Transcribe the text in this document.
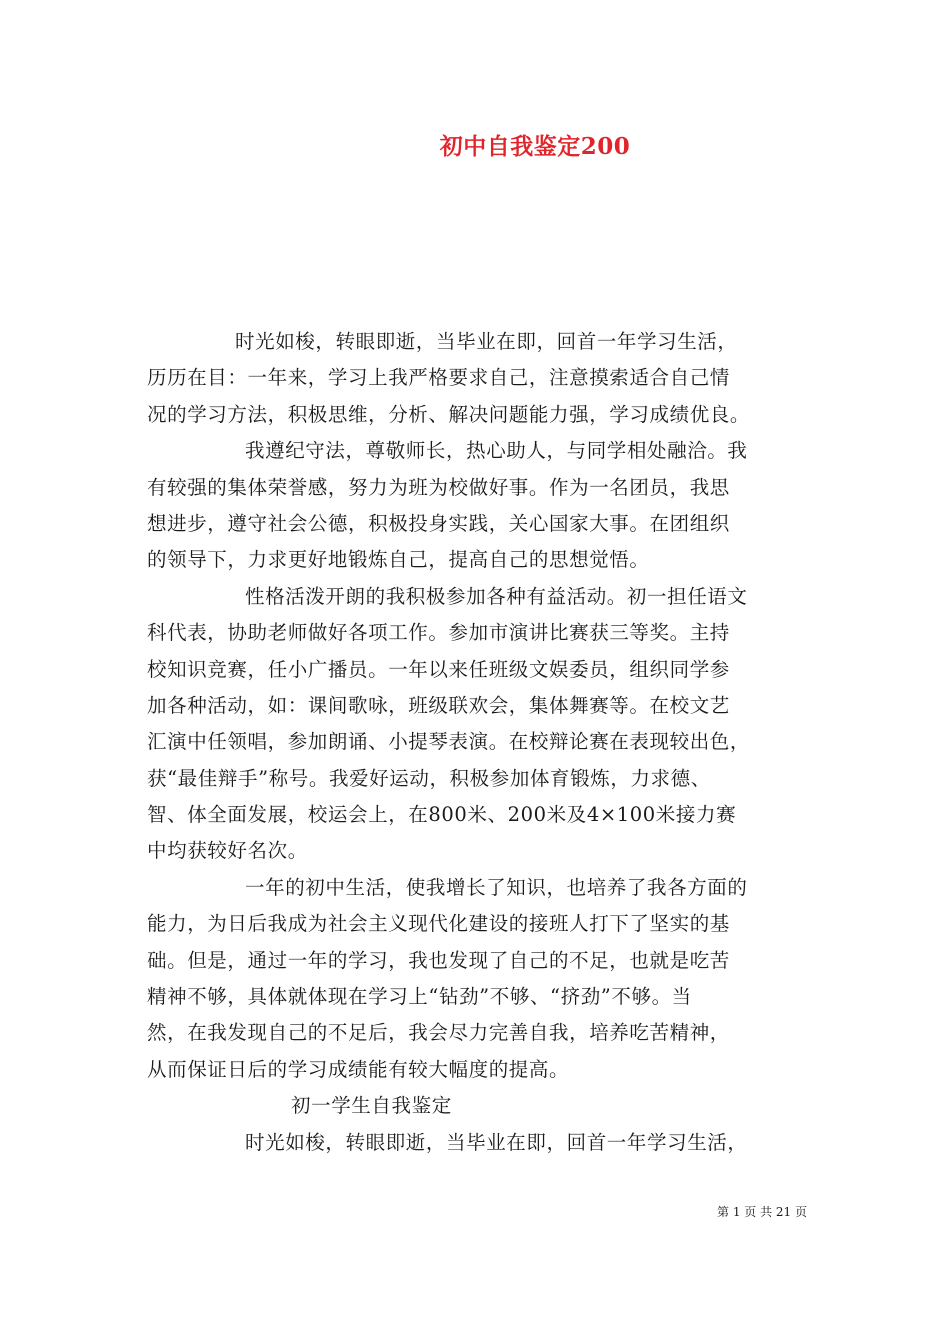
初中自我鉴定200
时光如梭，转眼即逝，当毕业在即，回首一年学习生活，
历历在目：一年来，学习上我严格要求自己，注意摸索适合自己情
况的学习方法，积极思维，分析、解决问题能力强，学习成绩优良。
我遵纪守法，尊敬师长，热心助人，与同学相处融洽。我
有较强的集体荣誉感，努力为班为校做好事。作为一名团员，我思
想进步，遵守社会公德，积极投身实践，关心国家大事。在团组织
的领导下，力求更好地锻炼自己，提高自己的思想觉悟。
性格活泼开朗的我积极参加各种有益活动。初一担任语文
科代表，协助老师做好各项工作。参加市演讲比赛获三等奖。主持
校知识竞赛，任小广播员。一年以来任班级文娱委员，组织同学参
加各种活动，如：课间歌咏，班级联欢会，集体舞赛等。在校文艺
汇演中任领唱，参加朗诵、小提琴表演。在校辩论赛在表现较出色，
获“最佳辩手”称号。我爱好运动，积极参加体育锻炼，力求德、
智、体全面发展，校运会上，在800米、200米及4×100米接力赛
中均获较好名次。
一年的初中生活，使我增长了知识，也培养了我各方面的
能力，为日后我成为社会主义现代化建设的接班人打下了坚实的基
础。但是，通过一年的学习，我也发现了自己的不足，也就是吃苦
精神不够，具体就体现在学习上“钻劲”不够、“挤劲”不够。当
然，在我发现自己的不足后，我会尽力完善自我，培养吃苦精神，
从而保证日后的学习成绩能有较大幅度的提高。
初一学生自我鉴定
时光如梭，转眼即逝，当毕业在即，回首一年学习生活，
第 1 页 共 21 页
